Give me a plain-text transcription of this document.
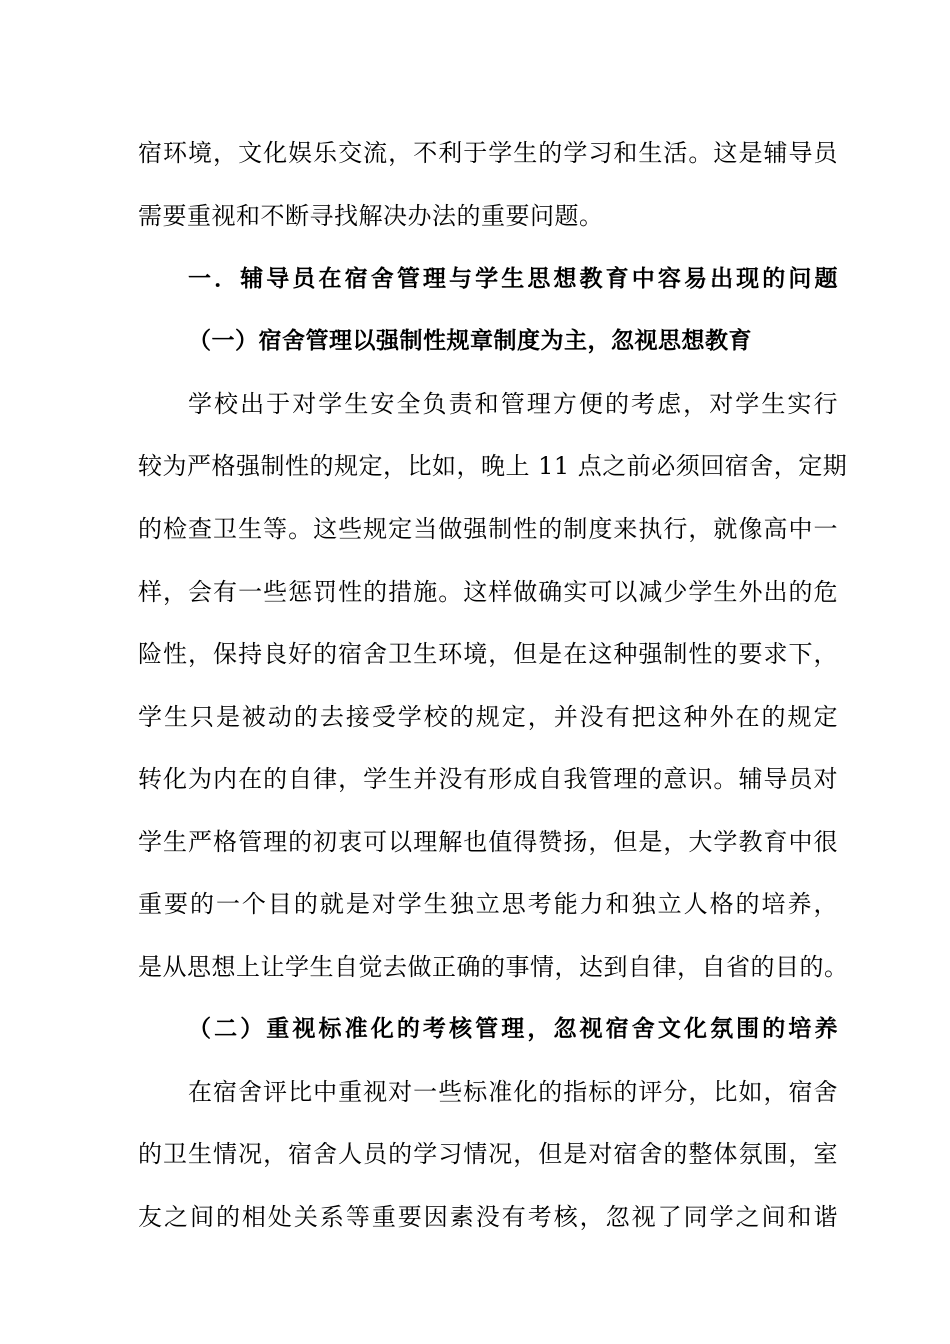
宿环境，文化娱乐交流，不利于学生的学习和生活。这是辅导员
需要重视和不断寻找解决办法的重要问题。
一．辅导员在宿舍管理与学生思想教育中容易出现的问题
（一）宿舍管理以强制性规章制度为主，忽视思想教育
学校出于对学生安全负责和管理方便的考虑，对学生实行
较为严格强制性的规定，比如，晚上 11 点之前必须回宿舍，定期
的检查卫生等。这些规定当做强制性的制度来执行，就像高中一
样，会有一些惩罚性的措施。这样做确实可以减少学生外出的危
险性，保持良好的宿舍卫生环境，但是在这种强制性的要求下，
学生只是被动的去接受学校的规定，并没有把这种外在的规定
转化为内在的自律，学生并没有形成自我管理的意识。辅导员对
学生严格管理的初衷可以理解也值得赞扬，但是，大学教育中很
重要的一个目的就是对学生独立思考能力和独立人格的培养，
是从思想上让学生自觉去做正确的事情，达到自律，自省的目的。
（二）重视标准化的考核管理，忽视宿舍文化氛围的培养
在宿舍评比中重视对一些标准化的指标的评分，比如，宿舍
的卫生情况，宿舍人员的学习情况，但是对宿舍的整体氛围，室
友之间的相处关系等重要因素没有考核，忽视了同学之间和谐
